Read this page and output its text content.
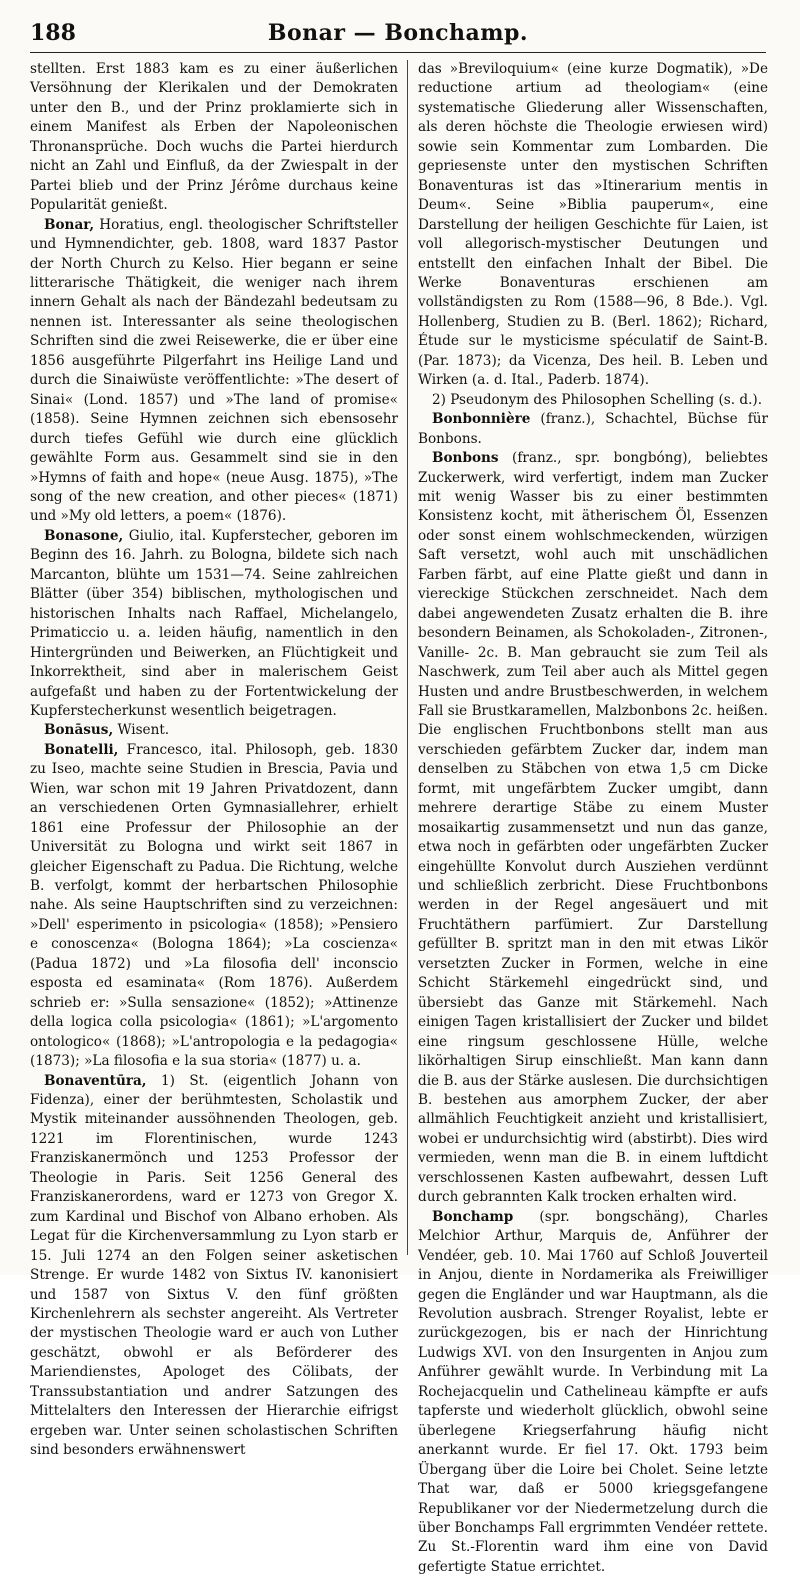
188	Bonar — Bonchamp.

stellten. Erst 1883 kam es zu einer äußerlichen Versöhnung der Klerikalen und der Demokraten unter den B., und der Prinz proklamierte sich in einem Manifest als Erben der Napoleonischen Thronansprüche. Doch wuchs die Partei hierdurch nicht an Zahl und Einfluß, da der Zwiespalt in der Partei blieb und der Prinz Jérôme durchaus keine Popularität genießt.

Bonar, Horatius, engl. theologischer Schriftsteller und Hymnendichter, geb. 1808, ward 1837 Pastor der North Church zu Kelso. Hier begann er seine litterarische Thätigkeit, die weniger nach ihrem innern Gehalt als nach der Bändezahl bedeutsam zu nennen ist. Interessanter als seine theologischen Schriften sind die zwei Reisewerke, die er über eine 1856 ausgeführte Pilgerfahrt ins Heilige Land und durch die Sinaiwüste veröffentlichte: »The desert of Sinai« (Lond. 1857) und »The land of promise« (1858). Seine Hymnen zeichnen sich ebensosehr durch tiefes Gefühl wie durch eine glücklich gewählte Form aus. Gesammelt sind sie in den »Hymns of faith and hope« (neue Ausg. 1875), »The song of the new creation, and other pieces« (1871) und »My old letters, a poem« (1876).

Bonasone, Giulio, ital. Kupferstecher, geboren im Beginn des 16. Jahrh. zu Bologna, bildete sich nach Marcanton, blühte um 1531—74. Seine zahlreichen Blätter (über 354) biblischen, mythologischen und historischen Inhalts nach Raffael, Michelangelo, Primaticcio u. a. leiden häufig, namentlich in den Hintergründen und Beiwerken, an Flüchtigkeit und Inkorrektheit, sind aber in malerischem Geist aufgefaßt und haben zu der Fortentwickelung der Kupferstecherkunst wesentlich beigetragen.

Bonāsus, Wisent.

Bonatelli, Francesco, ital. Philosoph, geb. 1830 zu Iseo, machte seine Studien in Brescia, Pavia und Wien, war schon mit 19 Jahren Privatdozent, dann an verschiedenen Orten Gymnasiallehrer, erhielt 1861 eine Professur der Philosophie an der Universität zu Bologna und wirkt seit 1867 in gleicher Eigenschaft zu Padua. Die Richtung, welche B. verfolgt, kommt der herbartschen Philosophie nahe. Als seine Hauptschriften sind zu verzeichnen: »Dell' esperimento in psicologia« (1858); »Pensiero e conoscenza« (Bologna 1864); »La coscienza« (Padua 1872) und »La filosofia dell' inconscio esposta ed esaminata« (Rom 1876). Außerdem schrieb er: »Sulla sensazione« (1852); »Attinenze della logica colla psicologia« (1861); »L'argomento ontologico« (1868); »L'antropologia e la pedagogia« (1873); »La filosofia e la sua storia« (1877) u. a.

Bonaventūra, 1) St. (eigentlich Johann von Fidenza), einer der berühmtesten, Scholastik und Mystik miteinander aussöhnenden Theologen, geb. 1221 im Florentinischen, wurde 1243 Franziskanermönch und 1253 Professor der Theologie in Paris. Seit 1256 General des Franziskanerordens, ward er 1273 von Gregor X. zum Kardinal und Bischof von Albano erhoben. Als Legat für die Kirchenversammlung zu Lyon starb er 15. Juli 1274 an den Folgen seiner asketischen Strenge. Er wurde 1482 von Sixtus IV. kanonisiert und 1587 von Sixtus V. den fünf größten Kirchenlehrern als sechster angereiht. Als Vertreter der mystischen Theologie ward er auch von Luther geschätzt, obwohl er als Beförderer des Mariendienstes, Apologet des Cölibats, der Transsubstantiation und andrer Satzungen des Mittelalters den Interessen der Hierarchie eifrigst ergeben war. Unter seinen scholastischen Schriften sind besonders erwähnenswert

das »Breviloquium« (eine kurze Dogmatik), »De reductione artium ad theologiam« (eine systematische Gliederung aller Wissenschaften, als deren höchste die Theologie erwiesen wird) sowie sein Kommentar zum Lombarden. Die gepriesenste unter den mystischen Schriften Bonaventuras ist das »Itinerarium mentis in Deum«. Seine »Biblia pauperum«, eine Darstellung der heiligen Geschichte für Laien, ist voll allegorisch-mystischer Deutungen und entstellt den einfachen Inhalt der Bibel. Die Werke Bonaventuras erschienen am vollständigsten zu Rom (1588—96, 8 Bde.). Vgl. Hollenberg, Studien zu B. (Berl. 1862); Richard, Étude sur le mysticisme spéculatif de Saint-B. (Par. 1873); da Vicenza, Des heil. B. Leben und Wirken (a. d. Ital., Paderb. 1874).

2) Pseudonym des Philosophen Schelling (s. d.).

Bonbonnière (franz.), Schachtel, Büchse für Bonbons.

Bonbons (franz., spr. bongbóng), beliebtes Zuckerwerk, wird verfertigt, indem man Zucker mit wenig Wasser bis zu einer bestimmten Konsistenz kocht, mit ätherischem Öl, Essenzen oder sonst einem wohlschmeckenden, würzigen Saft versetzt, wohl auch mit unschädlichen Farben färbt, auf eine Platte gießt und dann in viereckige Stückchen zerschneidet. Nach dem dabei angewendeten Zusatz erhalten die B. ihre besondern Beinamen, als Schokoladen-, Zitronen-, Vanille- 2c. B. Man gebraucht sie zum Teil als Naschwerk, zum Teil aber auch als Mittel gegen Husten und andre Brustbeschwerden, in welchem Fall sie Brustkaramellen, Malzbonbons 2c. heißen. Die englischen Fruchtbonbons stellt man aus verschieden gefärbtem Zucker dar, indem man denselben zu Stäbchen von etwa 1,5 cm Dicke formt, mit ungefärbtem Zucker umgibt, dann mehrere derartige Stäbe zu einem Muster mosaikartig zusammensetzt und nun das ganze, etwa noch in gefärbten oder ungefärbten Zucker eingehüllte Konvolut durch Ausziehen verdünnt und schließlich zerbricht. Diese Fruchtbonbons werden in der Regel angesäuert und mit Fruchtäthern parfümiert. Zur Darstellung gefüllter B. spritzt man in den mit etwas Likör versetzten Zucker in Formen, welche in eine Schicht Stärkemehl eingedrückt sind, und übersiebt das Ganze mit Stärkemehl. Nach einigen Tagen kristallisiert der Zucker und bildet eine ringsum geschlossene Hülle, welche likörhaltigen Sirup einschließt. Man kann dann die B. aus der Stärke auslesen. Die durchsichtigen B. bestehen aus amorphem Zucker, der aber allmählich Feuchtigkeit anzieht und kristallisiert, wobei er undurchsichtig wird (abstirbt). Dies wird vermieden, wenn man die B. in einem luftdicht verschlossenen Kasten aufbewahrt, dessen Luft durch gebrannten Kalk trocken erhalten wird.

Bonchamp (spr. bongschäng), Charles Melchior Arthur, Marquis de, Anführer der Vendéer, geb. 10. Mai 1760 auf Schloß Jouverteil in Anjou, diente in Nordamerika als Freiwilliger gegen die Engländer und war Hauptmann, als die Revolution ausbrach. Strenger Royalist, lebte er zurückgezogen, bis er nach der Hinrichtung Ludwigs XVI. von den Insurgenten in Anjou zum Anführer gewählt wurde. In Verbindung mit La Rochejacquelin und Cathelineau kämpfte er aufs tapferste und wiederholt glücklich, obwohl seine überlegene Kriegserfahrung häufig nicht anerkannt wurde. Er fiel 17. Okt. 1793 beim Übergang über die Loire bei Cholet. Seine letzte That war, daß er 5000 kriegsgefangene Republikaner vor der Niedermetzelung durch die über Bonchamps Fall ergrimmten Vendéer rettete. Zu St.-Florentin ward ihm eine von David gefertigte Statue errichtet.
